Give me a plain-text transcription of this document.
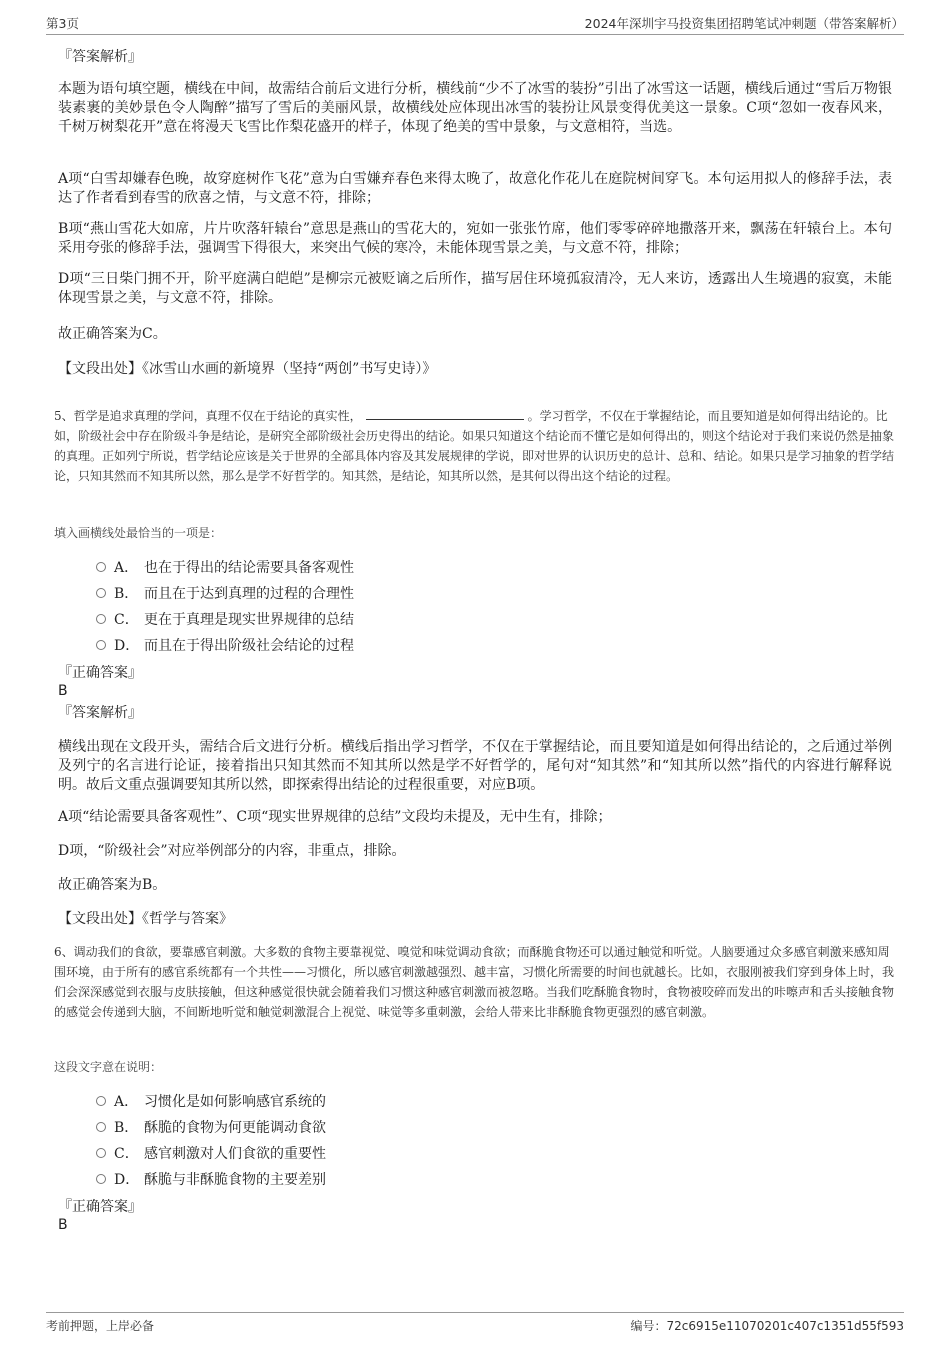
第3页	2024年深圳宇马投资集团招聘笔试冲刺题（带答案解析）
『答案解析』

本题为语句填空题，横线在中间，故需结合前后文进行分析，横线前“少不了冰雪的装扮”引出了冰雪这一话题，横线后通过“雪后万物银装素裹的美妙景色令人陶醉”描写了雪后的美丽风景，故横线处应体现出冰雪的装扮让风景变得优美这一景象。C项“忽如一夜春风来，千树万树梨花开”意在将漫天飞雪比作梨花盛开的样子，体现了绝美的雪中景象，与文意相符，当选。

A项“白雪却嫌春色晚，故穿庭树作飞花”意为白雪嫌弃春色来得太晚了，故意化作花儿在庭院树间穿飞。本句运用拟人的修辞手法，表达了作者看到春雪的欣喜之情，与文意不符，排除；

B项“燕山雪花大如席，片片吹落轩辕台”意思是燕山的雪花大的，宛如一张张竹席，他们零零碎碎地撒落开来，飘荡在轩辕台上。本句采用夸张的修辞手法，强调雪下得很大，来突出气候的寒冷，未能体现雪景之美，与文意不符，排除；

D项“三日柴门拥不开，阶平庭满白皑皑”是柳宗元被贬谪之后所作，描写居住环境孤寂清冷，无人来访，透露出人生境遇的寂寞，未能体现雪景之美，与文意不符，排除。

故正确答案为C。
【文段出处】《冰雪山水画的新境界（坚持“两创”书写史诗）》

5、哲学是追求真理的学问，真理不仅在于结论的真实性，	。学习哲学，不仅在于掌握结论，而且要知道是如何得出结论的。比如，阶级社会中存在阶级斗争是结论，是研究全部阶级社会历史得出的结论。如果只知道这个结论而不懂它是如何得出的，则这个结论对于我们来说仍然是抽象的真理。正如列宁所说，哲学结论应该是关于世界的全部具体内容及其发展规律的学说，即对世界的认识历史的总计、总和、结论。如果只是学习抽象的哲学结论，只知其然而不知其所以然，那么是学不好哲学的。知其然，是结论，知其所以然，是其何以得出这个结论的过程。

填入画横线处最恰当的一项是：
A． 也在于得出的结论需要具备客观性
B． 而且在于达到真理的过程的合理性
C． 更在于真理是现实世界规律的总结
D． 而且在于得出阶级社会结论的过程
『正确答案』
B
『答案解析』

横线出现在文段开头，需结合后文进行分析。横线后指出学习哲学，不仅在于掌握结论，而且要知道是如何得出结论的，之后通过举例及列宁的名言进行论证，接着指出只知其然而不知其所以然是学不好哲学的，尾句对“知其然”和“知其所以然”指代的内容进行解释说明。故后文重点强调要知其所以然，即探索得出结论的过程很重要，对应B项。

A项“结论需要具备客观性”、C项“现实世界规律的总结”文段均未提及，无中生有，排除；
D项，“阶级社会”对应举例部分的内容，非重点，排除。
故正确答案为B。
【文段出处】《哲学与答案》

6、调动我们的食欲，要靠感官刺激。大多数的食物主要靠视觉、嗅觉和味觉调动食欲；而酥脆食物还可以通过触觉和听觉。人脑要通过众多感官刺激来感知周围环境，由于所有的感官系统都有一个共性——习惯化，所以感官刺激越强烈、越丰富，习惯化所需要的时间也就越长。比如，衣服刚被我们穿到身体上时，我们会深深感觉到衣服与皮肤接触，但这种感觉很快就会随着我们习惯这种感官刺激而被忽略。当我们吃酥脆食物时，食物被咬碎而发出的咔嚓声和舌头接触食物的感觉会传递到大脑，不间断地听觉和触觉刺激混合上视觉、味觉等多重刺激，会给人带来比非酥脆食物更强烈的感官刺激。

这段文字意在说明：
A． 习惯化是如何影响感官系统的
B． 酥脆的食物为何更能调动食欲
C． 感官刺激对人们食欲的重要性
D． 酥脆与非酥脆食物的主要差别
『正确答案』
B
考前押题，上岸必备	编号：72c6915e11070201c407c1351d55f593
